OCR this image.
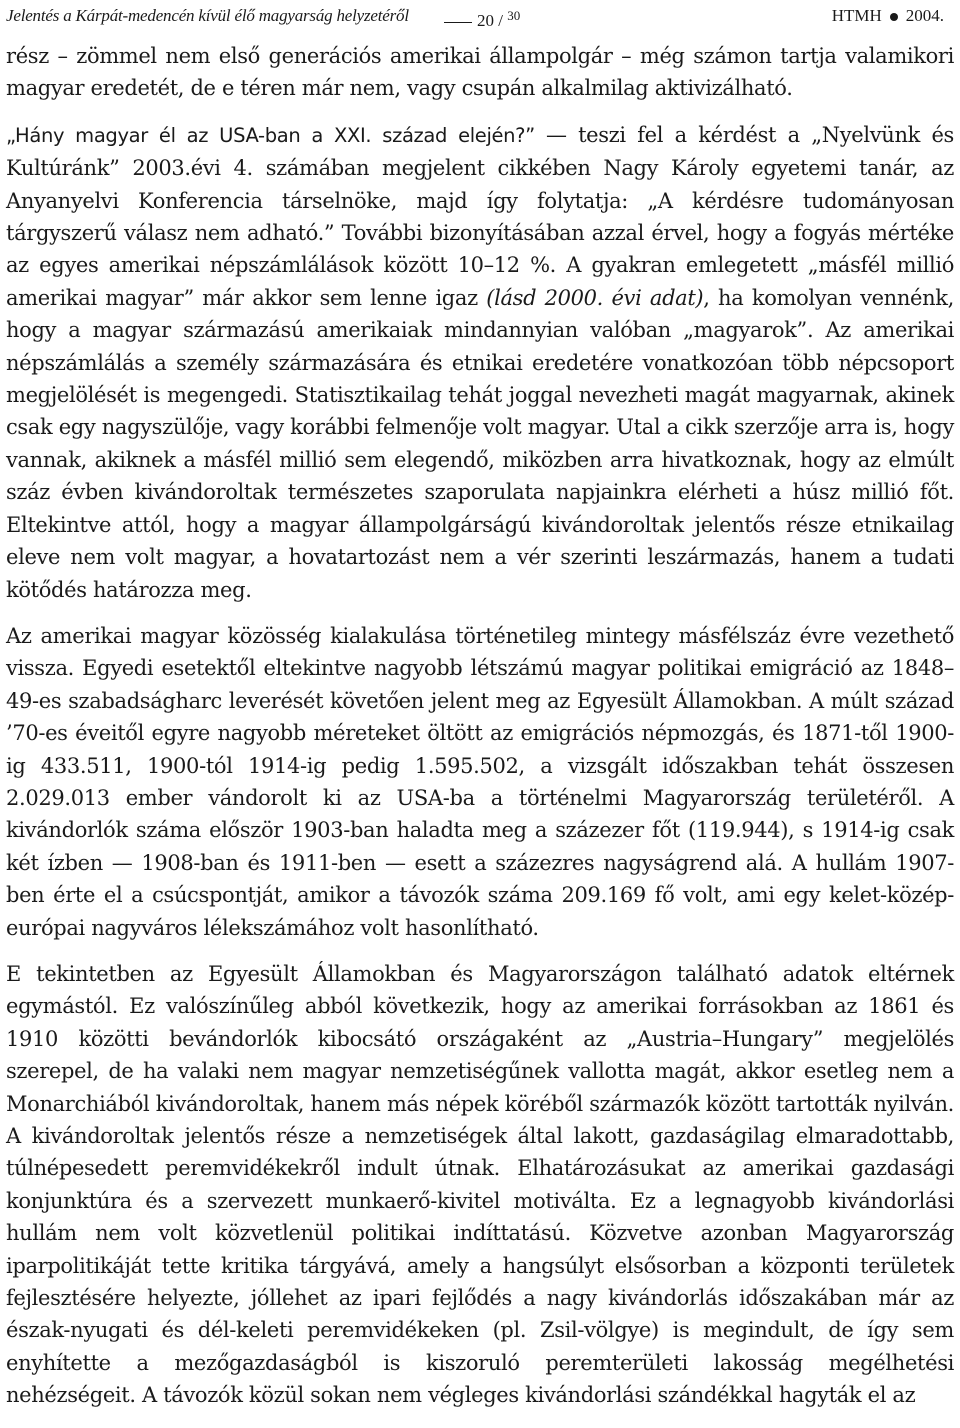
Jelentés a Kárpát-medencén kívül élő magyarság helyzetéről	20 / $^{30}$	HTMH 2004.

rész – zömmel nem első generációs amerikai állampolgár – még számon tartja valamikori magyar eredetét, de e téren már nem, vagy csupán alkalmilag aktivizálható.

„Hány magyar él az USA-ban a XXI. század elején?” — teszi fel a kérdést a „Nyelvünk és Kultúránk” 2003.évi 4. számában megjelent cikkében Nagy Károly egyetemi tanár, az Anyanyelvi Konferencia társelnöke, majd így folytatja: „A kérdésre tudományosan tárgyszerű válasz nem adható.” További bizonyításában azzal érvel, hogy a fogyás mértéke az egyes amerikai népszámlálások között 10–12 %. A gyakran emlegetett „másfél millió amerikai magyar” már akkor sem lenne igaz (lásd 2000. évi adat), ha komolyan vennénk, hogy a magyar származású amerikaiak mindannyian valóban „magyarok”. Az amerikai népszámlálás a személy származására és etnikai eredetére vonatkozóan több népcsoport megjelölését is megengedi. Statisztikailag tehát joggal nevezheti magát magyarnak, akinek csak egy nagyszülője, vagy korábbi felmenője volt magyar. Utal a cikk szerzője arra is, hogy vannak, akiknek a másfél millió sem elegendő, miközben arra hivatkoznak, hogy az elmúlt száz évben kivándoroltak természetes szaporulata napjainkra elérheti a húsz millió főt. Eltekintve attól, hogy a magyar állampolgárságú kivándoroltak jelentős része etnikailag eleve nem volt magyar, a hovatartozást nem a vér szerinti leszármazás, hanem a tudati kötődés határozza meg.

Az amerikai magyar közösség kialakulása történetileg mintegy másfélszáz évre vezethető vissza. Egyedi esetektől eltekintve nagyobb létszámú magyar politikai emigráció az 1848–49-es szabadságharc leverését követően jelent meg az Egyesült Államokban. A múlt század ’70-es éveitől egyre nagyobb méreteket öltött az emigrációs népmozgás, és 1871-től 1900-ig 433.511, 1900-tól 1914-ig pedig 1.595.502, a vizsgált időszakban tehát összesen 2.029.013 ember vándorolt ki az USA-ba a történelmi Magyarország területéről. A kivándorlók száma először 1903-ban haladta meg a százezer főt (119.944), s 1914-ig csak két ízben — 1908-ban és 1911-ben — esett a százezres nagyságrend alá. A hullám 1907-ben érte el a csúcspontját, amikor a távozók száma 209.169 fő volt, ami egy kelet-közép-európai nagyváros lélekszámához volt hasonlítható.

E tekintetben az Egyesült Államokban és Magyarországon található adatok eltérnek egymástól. Ez valószínűleg abból következik, hogy az amerikai forrásokban az 1861 és 1910 közötti bevándorlók kibocsátó országaként az „Austria–Hungary” megjelölés szerepel, de ha valaki nem magyar nemzetiségűnek vallotta magát, akkor esetleg nem a Monarchiából kivándoroltak, hanem más népek köréből származók között tartották nyilván. A kivándoroltak jelentős része a nemzetiségek által lakott, gazdaságilag elmaradottabb, túlnépesedett peremvidékekről indult útnak. Elhatározásukat az amerikai gazdasági konjunktúra és a szervezett munkaerő-kivitel motiválta. Ez a legnagyobb kivándorlási hullám nem volt közvetlenül politikai indíttatású. Közvetve azonban Magyarország iparpolitikáját tette kritika tárgyává, amely a hangsúlyt elsősorban a központi területek fejlesztésére helyezte, jóllehet az ipari fejlődés a nagy kivándorlás időszakában már az észak-nyugati és dél-keleti peremvidékeken (pl. Zsil-völgye) is megindult, de így sem enyhítette a mezőgazdaságból is kiszoruló peremterületi lakosság megélhetési nehézségeit. A távozók közül sokan nem végleges kivándorlási szándékkal hagyták el az
